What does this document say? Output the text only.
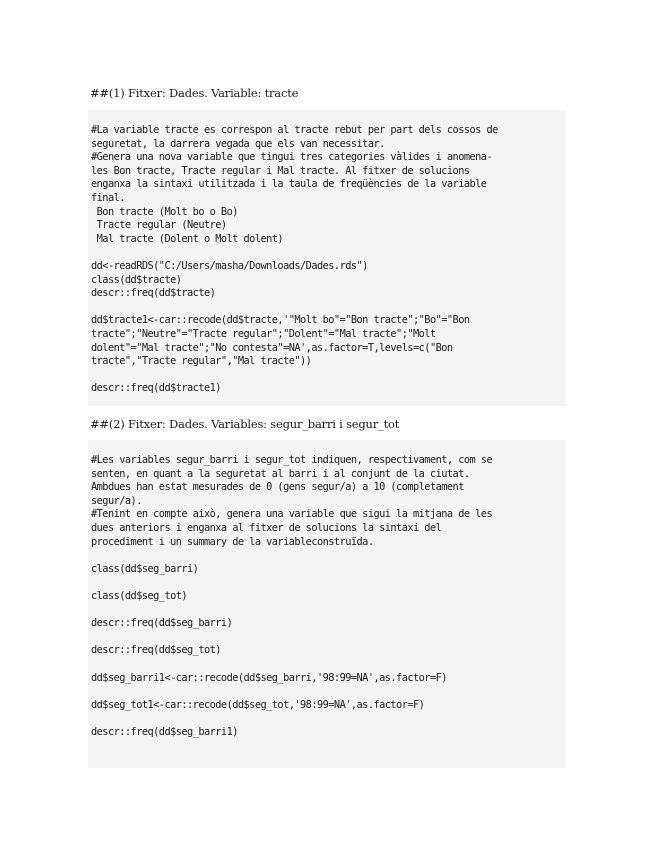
##(1) Fitxer: Dades. Variable: tracte
#La variable tracte es correspon al tracte rebut per part dels cossos de
seguretat, la darrera vegada que els van necessitar.
#Genera una nova variable que tingui tres categories vàlides i anomena-
les Bon tracte, Tracte regular i Mal tracte. Al fitxer de solucions
enganxa la sintaxi utilitzada i la taula de freqüències de la variable
final.
Bon tracte (Molt bo o Bo)
Tracte regular (Neutre)
Mal tracte (Dolent o Molt dolent)
dd<-readRDS("C:/Users/masha/Downloads/Dades.rds")
class(dd$tracte)
descr::freq(dd$tracte)
dd$tracte1<-car::recode(dd$tracte,'"Molt bo"="Bon tracte";"Bo"="Bon
tracte";"Neutre"="Tracte regular";"Dolent"="Mal tracte";"Molt
dolent"="Mal tracte";"No contesta"=NA',as.factor=T,levels=c("Bon
tracte","Tracte regular","Mal tracte"))
descr::freq(dd$tracte1)
##(2) Fitxer: Dades. Variables: segur_barri i segur_tot
#Les variables segur_barri i segur_tot indiquen, respectivament, com se
senten, en quant a la seguretat al barri i al conjunt de la ciutat.
Ambdues han estat mesurades de 0 (gens segur/a) a 10 (completament
segur/a).
#Tenint en compte això, genera una variable que sigui la mitjana de les
dues anteriors i enganxa al fitxer de solucions la sintaxi del
procediment i un summary de la variableconstruïda.
class(dd$seg_barri)
class(dd$seg_tot)
descr::freq(dd$seg_barri)
descr::freq(dd$seg_tot)
dd$seg_barri1<-car::recode(dd$seg_barri,'98:99=NA',as.factor=F)
dd$seg_tot1<-car::recode(dd$seg_tot,'98:99=NA',as.factor=F)
descr::freq(dd$seg_barri1)
